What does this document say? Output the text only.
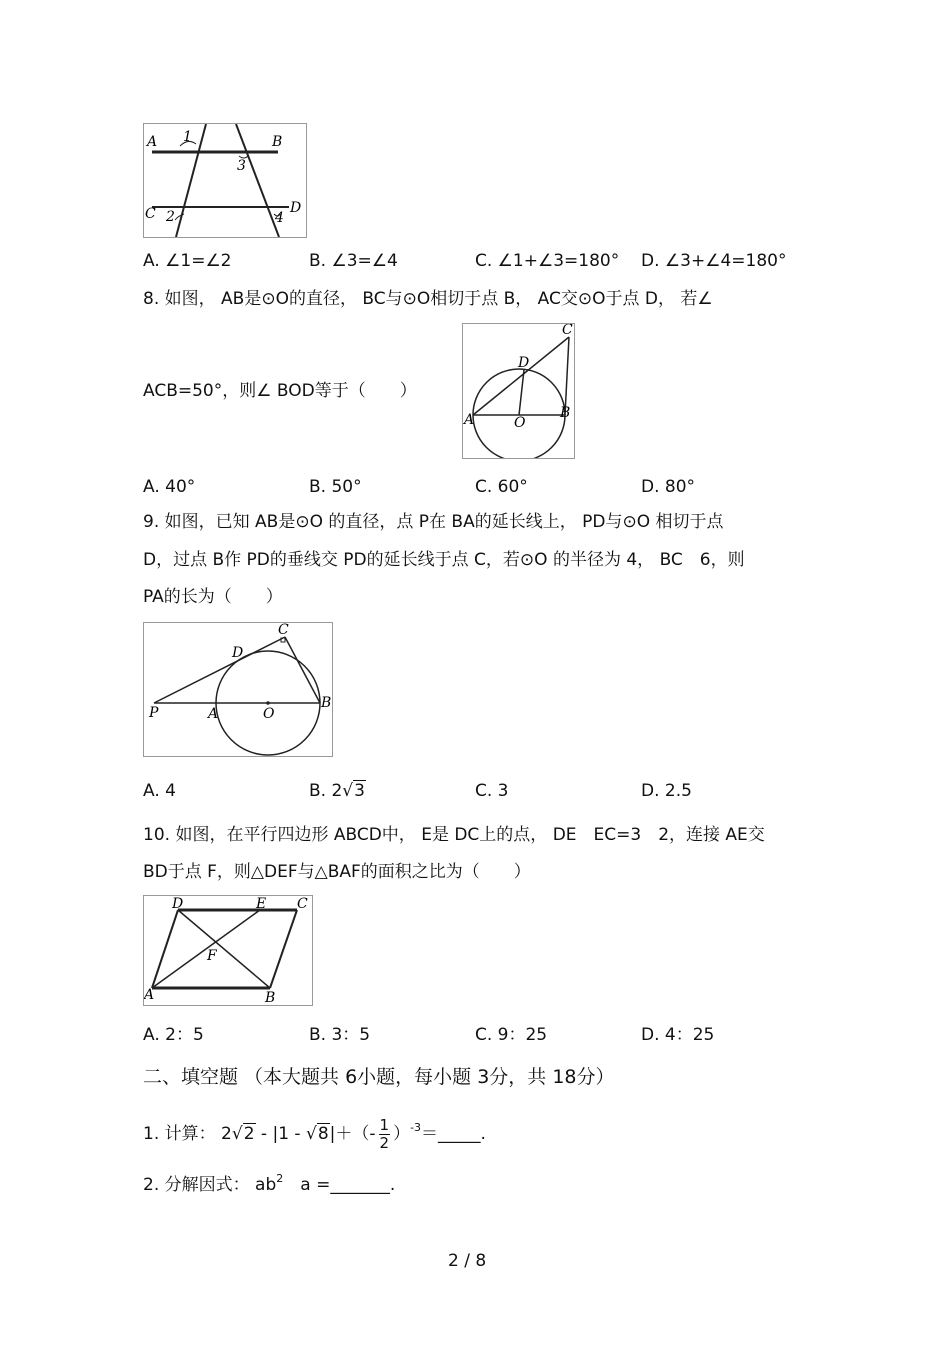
A	B
C	D
1
2
3
4
A. ∠1=∠2	B. ∠3=∠4	C. ∠1+∠3=180° D. ∠3+∠4=180°
8. 如图， AB是⊙O的直径， BC与⊙O相切于点 B， AC交⊙O于点 D， 若∠
ACB=50°，则∠ BOD等于（　　）
A	B
C
D
O
A. 40°	B. 50°	C. 60°	D. 80°
9. 如图，已知 AB是⊙O 的直径，点 P在 BA的延长线上， PD与⊙O 相切于点
D，过点 B作 PD的垂线交 PD的延长线于点 C，若⊙O 的半径为 4， BC　6，则
PA的长为（　　）
P	A	O
B
C
D
A. 4	B. 2√3	C. 3	D. 2.5
10. 如图，在平行四边形 ABCD中， E是 DC上的点， DE　EC=3　2，连接 AE交
BD于点 F，则△DEF与△BAF的面积之比为（　　）
A	B
C
D	E
F
A. 2：5	B. 3：5	C. 9：25	D. 4：25
二、填空题 （本大题共 6小题，每小题 3分，共 18分）
1. 计算： $2√2 - |1 - √8|+(- \frac{1}{2}$ ）$^{-3}$＝_____.
2. 分解因式： $ab^2$　a =_______.
2 / 8
